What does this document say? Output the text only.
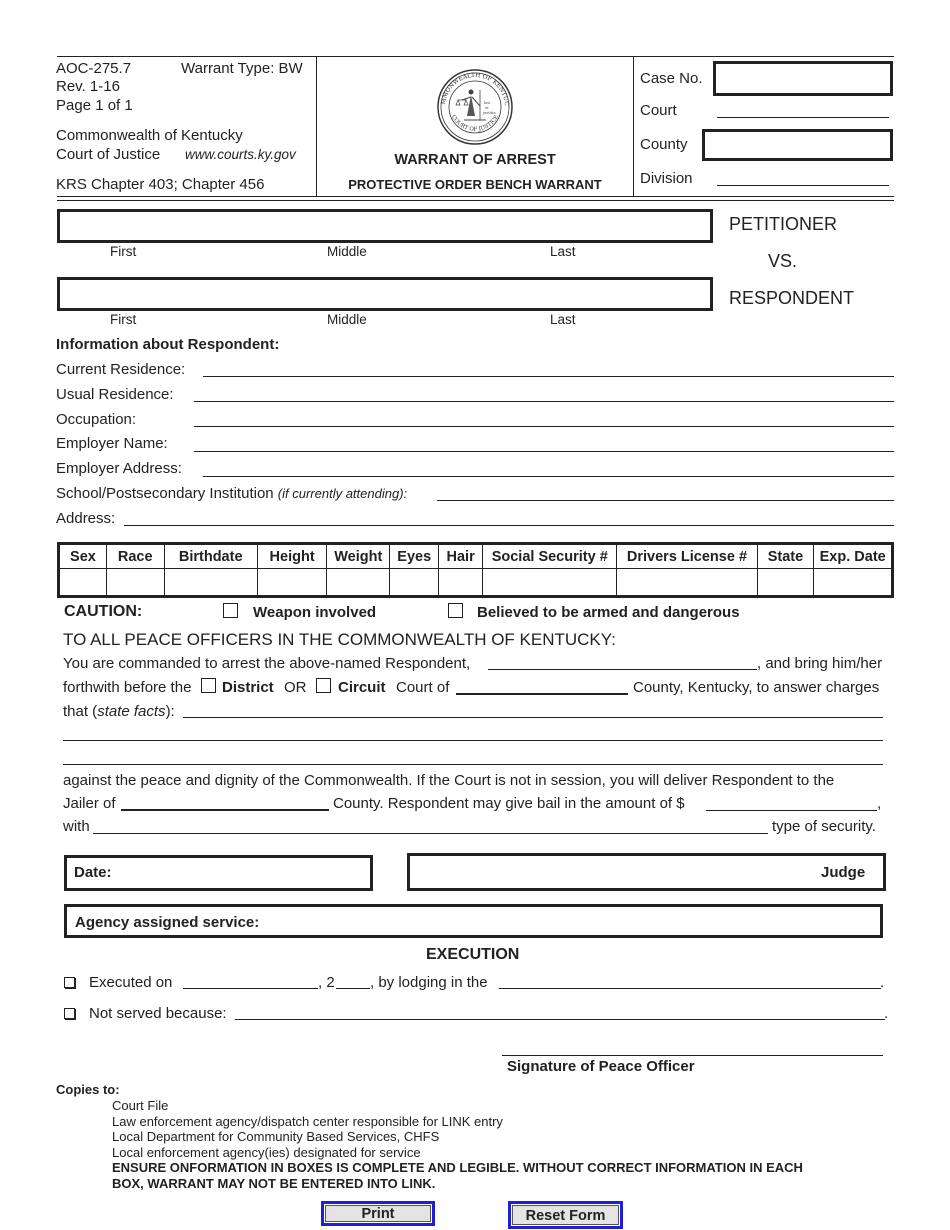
AOC-275.7	Warrant Type: BW
Rev. 1-16
Page 1 of 1
Commonwealth of Kentucky
Court of Justice www.courts.ky.gov
KRS Chapter 403; Chapter 456
MMONWEALTH OF KENTUC
COURT OF JUSTICE
law
et
justitia
WARRANT OF ARREST
PROTECTIVE ORDER BENCH WARRANT
Case No.
Court
County
Division
First	Middle	Last
PETITIONER
VS.
First	Middle	Last
RESPONDENT
Information about Respondent:
Current Residence:
Usual Residence:
Occupation:
Employer Name:
Employer Address:
School/Postsecondary Institution (if currently attending):
Address:
Sex	Race	Birthdate	Height	Weight	Eyes	Hair	Social Security #	Drivers License #	State	Exp. Date

CAUTION:	Weapon involved	Believed to be armed and dangerous
TO ALL PEACE OFFICERS IN THE COMMONWEALTH OF KENTUCKY:
You are commanded to arrest the above-named Respondent,	, and bring him/her
forthwith before the District OR Circuit Court of	County, Kentucky, to answer charges
that (state facts):
against the peace and dignity of the Commonwealth. If the Court is not in session, you will deliver Respondent to the
Jailer of	County. Respondent may give bail in the amount of $	,
with	type of security.
Date:	Judge
Agency assigned service:
EXECUTION
Executed on	, 2 , by lodging in the	.
Not served because:	.
Signature of Peace Officer
Copies to:
Court File
Law enforcement agency/dispatch center responsible for LINK entry
Local Department for Community Based Services, CHFS
Local enforcement agency(ies) designated for service
ENSURE ONFORMATION IN BOXES IS COMPLETE AND LEGIBLE. WITHOUT CORRECT INFORMATION IN EACH
BOX, WARRANT MAY NOT BE ENTERED INTO LINK.
Print	Reset Form
